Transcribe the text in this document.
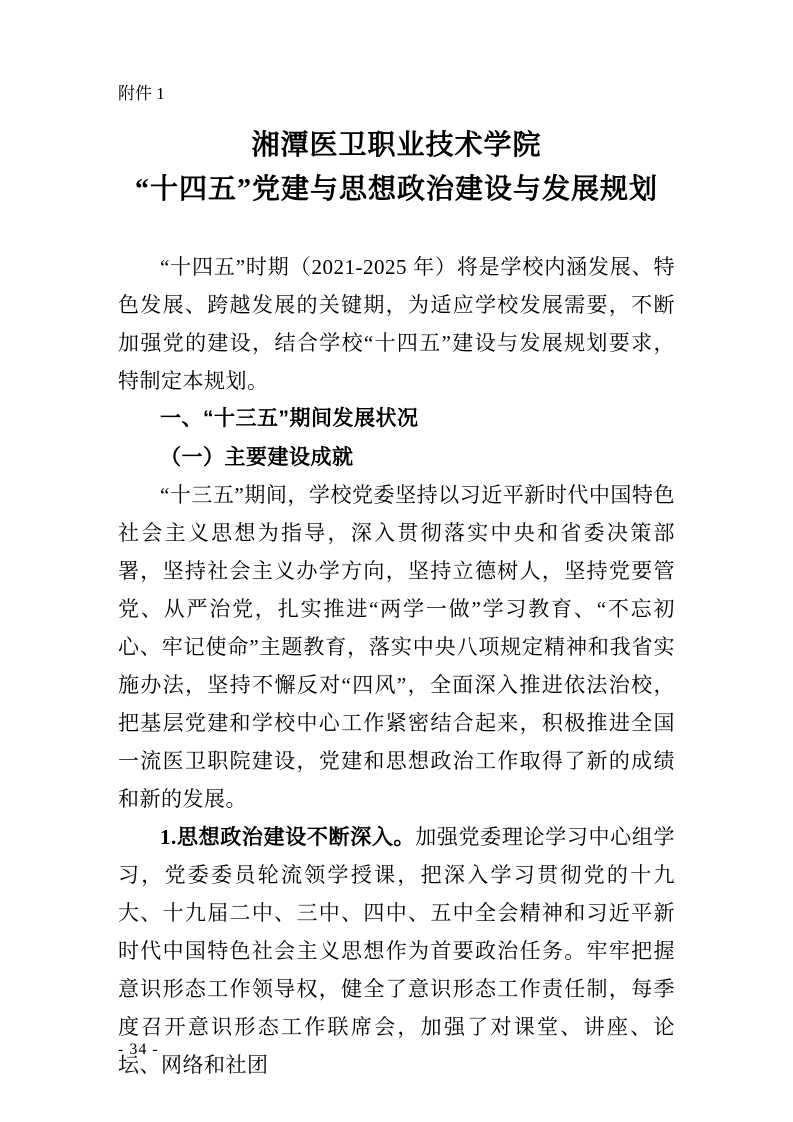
附件 1
湘潭医卫职业技术学院
“十四五”党建与思想政治建设与发展规划

“十四五”时期（2021-2025 年）将是学校内涵发展、特色发展、跨越发展的关键期，为适应学校发展需要，不断加强党的建设，结合学校“十四五”建设与发展规划要求，特制定本规划。

一、“十三五”期间发展状况

（一）主要建设成就

“十三五”期间，学校党委坚持以习近平新时代中国特色社会主义思想为指导，深入贯彻落实中央和省委决策部署，坚持社会主义办学方向，坚持立德树人，坚持党要管党、从严治党，扎实推进“两学一做”学习教育、“不忘初心、牢记使命”主题教育，落实中央八项规定精神和我省实施办法，坚持不懈反对“四风”，全面深入推进依法治校，把基层党建和学校中心工作紧密结合起来，积极推进全国一流医卫职院建设，党建和思想政治工作取得了新的成绩和新的发展。

1.思想政治建设不断深入。加强党委理论学习中心组学习，党委委员轮流领学授课，把深入学习贯彻党的十九大、十九届二中、三中、四中、五中全会精神和习近平新时代中国特色社会主义思想作为首要政治任务。牢牢把握意识形态工作领导权，健全了意识形态工作责任制，每季度召开意识形态工作联席会，加强了对课堂、讲座、论坛、网络和社团

- 34 -
